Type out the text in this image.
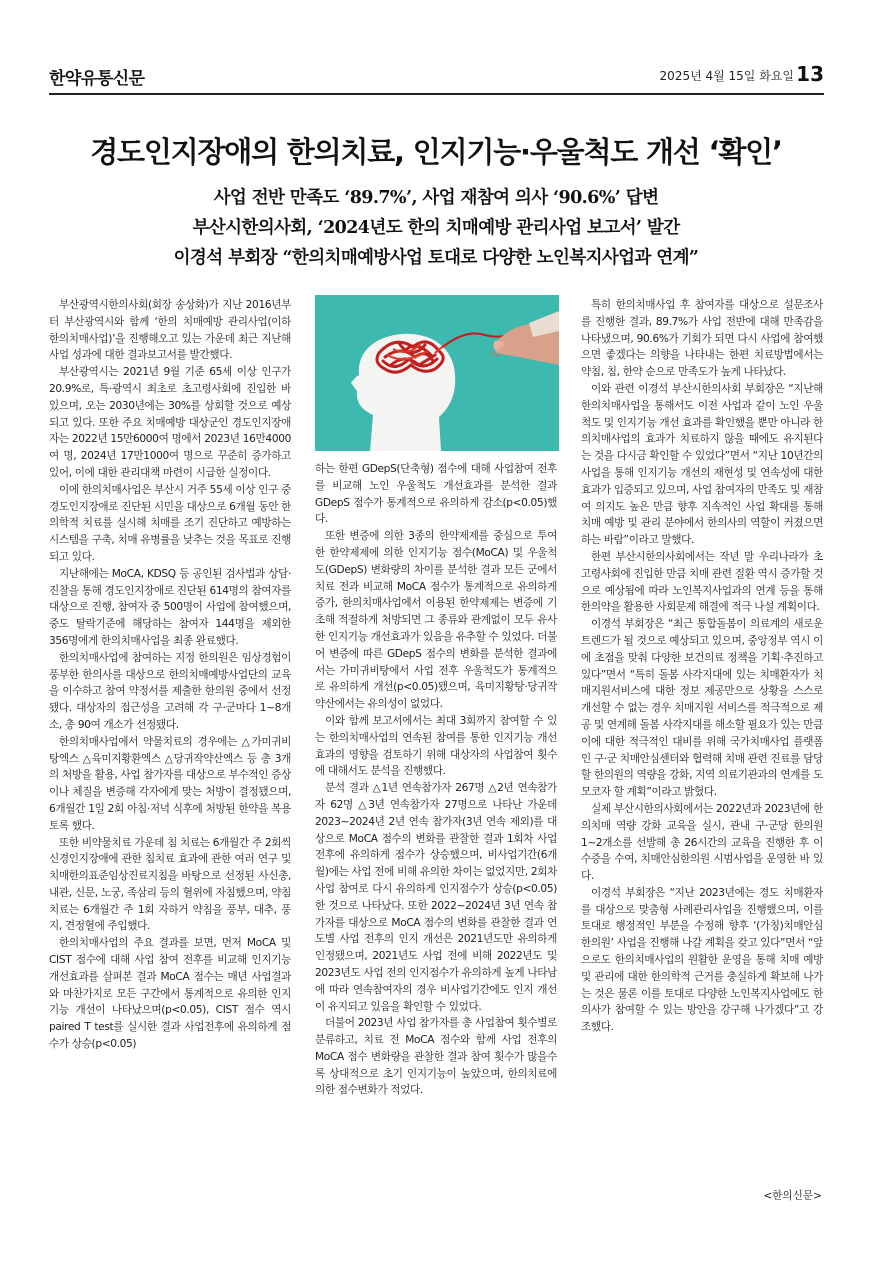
한약유통신문	2025년 4월 15일 화요일 13
경도인지장애의 한의치료, 인지기능·우울척도 개선 ‘확인’
사업 전반 만족도 ‘89.7%’, 사업 재참여 의사 ‘90.6%’ 답변
부산시한의사회, ‘2024년도 한의 치매예방 관리사업 보고서’ 발간
이경석 부회장 “한의치매예방사업 토대로 다양한 노인복지사업과 연계”

부산광역시한의사회(회장 송상화)가 지난 2016년부터 부산광역시와 함께 ‘한의 치매예방 관리사업(이하 한의치매사업)’을 진행해오고 있는 가운데 최근 지난해 사업 성과에 대한 결과보고서를 발간했다.

부산광역시는 2021년 9월 기준 65세 이상 인구가 20.9%로, 특·광역시 최초로 초고령사회에 진입한 바 있으며, 오는 2030년에는 30%를 상회할 것으로 예상되고 있다. 또한 주요 치매예방 대상군인 경도인지장애자는 2022년 15만6000여 명에서 2023년 16만4000여 명, 2024년 17만1000여 명으로 꾸준히 증가하고 있어, 이에 대한 관리대책 마련이 시급한 실정이다.

이에 한의치매사업은 부산시 거주 55세 이상 인구 중 경도인지장애로 진단된 시민을 대상으로 6개월 동안 한의학적 치료를 실시해 치매를 조기 진단하고 예방하는 시스템을 구축, 치매 유병률을 낮추는 것을 목표로 진행되고 있다.

지난해에는 MoCA, KDSQ 등 공인된 검사법과 상담·진찰을 통해 경도인지장애로 진단된 614명의 참여자를 대상으로 진행, 참여자 중 500명이 사업에 참여했으며, 중도 탈락기준에 해당하는 참여자 144명을 제외한 356명에게 한의치매사업을 최종 완료했다.

한의치매사업에 참여하는 지정 한의원은 임상경험이 풍부한 한의사를 대상으로 한의치매예방사업단의 교육을 이수하고 참여 약정서를 제출한 한의원 중에서 선정됐다. 대상자의 접근성을 고려해 각 구·군마다 1∼8개소, 총 90여 개소가 선정됐다.

한의치매사업에서 약물치료의 경우에는 △가미귀비탕엑스 △육미지황환엑스 △당귀작약산엑스 등 총 3개의 처방을 활용, 사업 참가자를 대상으로 부수적인 증상이나 체질을 변증해 각자에게 맞는 처방이 결정됐으며, 6개월간 1일 2회 아침·저녁 식후에 처방된 한약을 복용토록 했다.

또한 비약물치료 가운데 침 치료는 6개월간 주 2회씩 신경인지장애에 관한 침치료 효과에 관한 여러 연구 및 치매한의표준임상진료지침을 바탕으로 선정된 사신총, 내관, 신문, 노궁, 족삼리 등의 혈위에 자침했으며, 약침치료는 6개월간 주 1회 자하거 약침을 풍부, 대추, 풍지, 견정혈에 주입했다.

한의치매사업의 주요 결과를 보면, 먼저 MoCA 및 CIST 점수에 대해 사업 참여 전후를 비교해 인지기능 개선효과를 살펴본 결과 MoCA 점수는 매년 사업결과와 마찬가지로 모든 구간에서 통계적으로 유의한 인지기능 개선이 나타났으며(p<0.05), CIST 점수 역시 paired T test를 실시한 결과 사업전후에 유의하게 점수가 상승(p<0.05)

하는 한편 GDepS(단축형) 점수에 대해 사업참여 전후를 비교해 노인 우울척도 개선효과를 분석한 결과 GDepS 점수가 통계적으로 유의하게 감소(p<0.05)했다.

또한 변증에 의한 3종의 한약제제를 중심으로 투여한 한약제제에 의한 인지기능 점수(MoCA) 및 우울척도(GDepS) 변화량의 차이를 분석한 결과 모든 군에서 치료 전과 비교해 MoCA 점수가 통계적으로 유의하게 증가, 한의치매사업에서 이용된 한약제제는 변증에 기초해 적절하게 처방되면 그 종류와 관계없이 모두 유사한 인지기능 개선효과가 있음을 유추할 수 있었다. 더불어 변증에 따른 GDepS 점수의 변화를 분석한 결과에서는 가미귀비탕에서 사업 전후 우울척도가 통계적으로 유의하게 개선(p<0.05)됐으며, 육미지황탕·당귀작약산에서는 유의성이 없었다.

이와 함께 보고서에서는 최대 3회까지 참여할 수 있는 한의치매사업의 연속된 참여를 통한 인지기능 개선효과의 영향을 검토하기 위해 대상자의 사업참여 횟수에 대해서도 분석을 진행했다.

분석 결과 △1년 연속참가자 267명 △2년 연속참가자 62명 △3년 연속참가자 27명으로 나타난 가운데 2023∼2024년 2년 연속 참가자(3년 연속 제외)를 대상으로 MoCA 점수의 변화를 관찰한 결과 1회차 사업 전후에 유의하게 점수가 상승했으며, 비사업기간(6개월)에는 사업 전에 비해 유의한 차이는 없었지만, 2회차 사업 참여로 다시 유의하게 인지점수가 상승(p<0.05)한 것으로 나타났다. 또한 2022∼2024년 3년 연속 참가자를 대상으로 MoCA 점수의 변화를 관찰한 결과 연도별 사업 전후의 인지 개선은 2021년도만 유의하게 인정됐으며, 2021년도 사업 전에 비해 2022년도 및 2023년도 사업 전의 인지점수가 유의하게 높게 나타남에 따라 연속참여자의 경우 비사업기간에도 인지 개선이 유지되고 있음을 확인할 수 있었다.

더불어 2023년 사업 참가자를 총 사업참여 횟수별로 분류하고, 치료 전 MoCA 점수와 함께 사업 전후의 MoCA 점수 변화량을 관찰한 결과 참여 횟수가 많을수록 상대적으로 초기 인지기능이 높았으며, 한의치료에 의한 점수변화가 적었다.

특히 한의치매사업 후 참여자를 대상으로 설문조사를 진행한 결과, 89.7%가 사업 전반에 대해 만족감을 나타냈으며, 90.6%가 기회가 되면 다시 사업에 참여했으면 좋겠다는 의향을 나타내는 한편 치료방법에서는 약침, 침, 한약 순으로 만족도가 높게 나타났다.

이와 관련 이경석 부산시한의사회 부회장은 “지난해 한의치매사업을 통해서도 이전 사업과 같이 노인 우울척도 및 인지기능 개선 효과를 확인했을 뿐만 아니라 한의치매사업의 효과가 치료하지 않을 때에도 유지된다는 것을 다시금 확인할 수 있었다”면서 “지난 10년간의 사업을 통해 인지기능 개선의 재현성 및 연속성에 대한 효과가 입증되고 있으며, 사업 참여자의 만족도 및 재참여 의지도 높은 만큼 향후 지속적인 사업 확대를 통해 치매 예방 및 관리 분야에서 한의사의 역할이 커졌으면 하는 바람”이라고 말했다.

한편 부산시한의사회에서는 작년 말 우리나라가 초고령사회에 진입한 만큼 치매 관련 질환 역시 증가할 것으로 예상됨에 따라 노인복지사업과의 연계 등을 통해 한의약을 활용한 사회문제 해결에 적극 나설 계획이다.

이경석 부회장은 “최근 통합돌봄이 의료계의 새로운 트렌드가 될 것으로 예상되고 있으며, 중앙정부 역시 이에 초점을 맞춰 다양한 보건의료 정책을 기획·추진하고 있다”면서 “특히 돌봄 사각지대에 있는 치매환자가 치매지원서비스에 대한 정보 제공만으로 상황을 스스로 개선할 수 없는 경우 치매지원 서비스를 적극적으로 제공 및 연계해 돌봄 사각지대를 해소할 필요가 있는 만큼 이에 대한 적극적인 대비를 위해 국가치매사업 플랫폼인 구·군 치매안심센터와 협력해 치매 관련 진료를 담당할 한의원의 역량을 강화, 지역 의료기관과의 연계를 도모코자 할 계획”이라고 밝혔다.

실제 부산시한의사회에서는 2022년과 2023년에 한의치매 역량 강화 교육을 실시, 관내 구·군당 한의원 1∼2개소를 선발해 총 26시간의 교육을 진행한 후 이수증을 수여, 치매안심한의원 시범사업을 운영한 바 있다.

이경석 부회장은 “지난 2023년에는 경도 치매환자를 대상으로 맞춤형 사례관리사업을 진행했으며, 이를 토대로 행정적인 부분을 수정해 향후 ‘(가칭)치매안심한의원’ 사업을 진행해 나갈 계획을 갖고 있다”면서 “앞으로도 한의치매사업의 원활한 운영을 통해 치매 예방 및 관리에 대한 한의학적 근거를 충실하게 확보해 나가는 것은 물론 이를 토대로 다양한 노인복지사업에도 한의사가 참여할 수 있는 방안을 강구해 나가겠다”고 강조했다.

<한의신문>
